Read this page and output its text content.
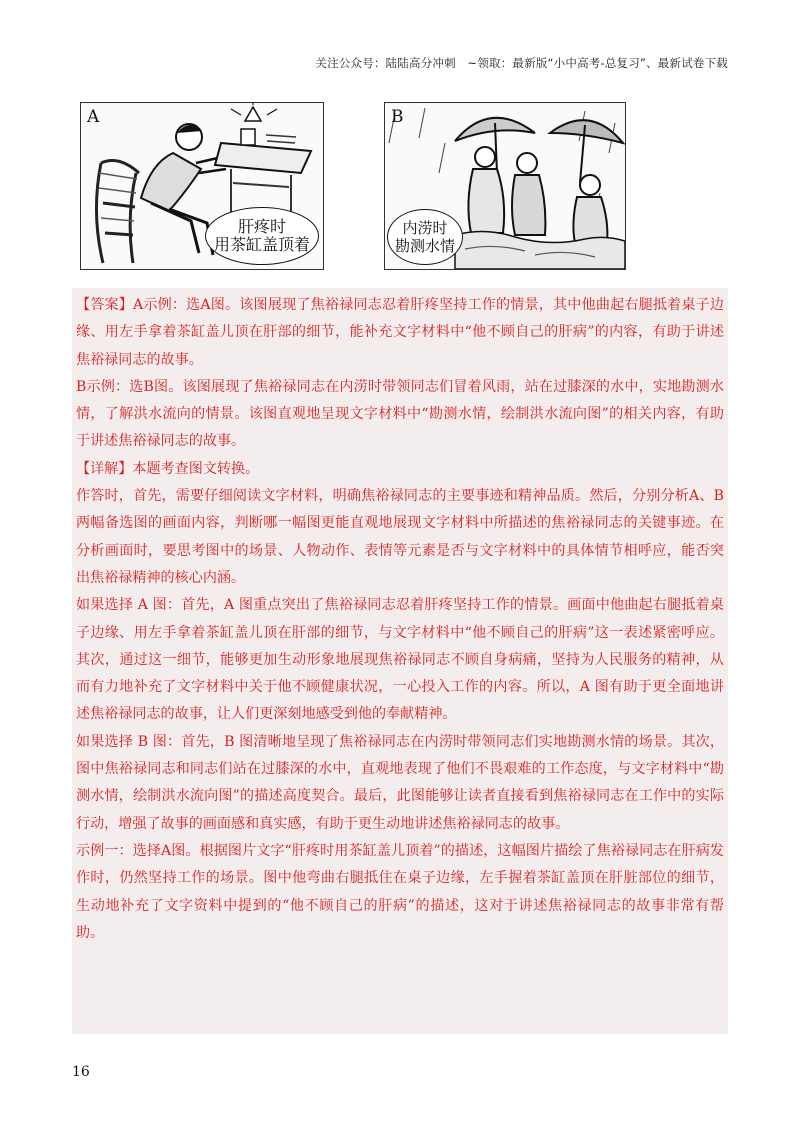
关注公众号：陆陆高分冲刺　~领取：最新版“小中高考-总复习”、最新试卷下载
A
肝疼时
用茶缸盖顶着
B
内涝时
勘测水情

【答案】A示例：选A图。该图展现了焦裕禄同志忍着肝疼坚持工作的情景，其中他曲起右腿抵着桌子边缘、用左手拿着茶缸盖儿顶在肝部的细节，能补充文字材料中“他不顾自己的肝病”的内容，有助于讲述焦裕禄同志的故事。

B示例：选B图。该图展现了焦裕禄同志在内涝时带领同志们冒着风雨，站在过膝深的水中，实地勘测水情，了解洪水流向的情景。该图直观地呈现文字材料中“勘测水情，绘制洪水流向图”的相关内容，有助于讲述焦裕禄同志的故事。

【详解】本题考查图文转换。

作答时，首先，需要仔细阅读文字材料，明确焦裕禄同志的主要事迹和精神品质。然后，分别分析A、B两幅备选图的画面内容，判断哪一幅图更能直观地展现文字材料中所描述的焦裕禄同志的关键事迹。在分析画面时，要思考图中的场景、人物动作、表情等元素是否与文字材料中的具体情节相呼应，能否突出焦裕禄精神的核心内涵。

如果选择 A 图：首先，A 图重点突出了焦裕禄同志忍着肝疼坚持工作的情景。画面中他曲起右腿抵着桌子边缘、用左手拿着茶缸盖儿顶在肝部的细节，与文字材料中“他不顾自己的肝病”这一表述紧密呼应。其次，通过这一细节，能够更加生动形象地展现焦裕禄同志不顾自身病痛，坚持为人民服务的精神，从而有力地补充了文字材料中关于他不顾健康状况，一心投入工作的内容。所以，A 图有助于更全面地讲述焦裕禄同志的故事，让人们更深刻地感受到他的奉献精神。

如果选择 B 图：首先，B 图清晰地呈现了焦裕禄同志在内涝时带领同志们实地勘测水情的场景。其次，图中焦裕禄同志和同志们站在过膝深的水中，直观地表现了他们不畏艰难的工作态度，与文字材料中“勘测水情，绘制洪水流向图”的描述高度契合。最后，此图能够让读者直接看到焦裕禄同志在工作中的实际行动，增强了故事的画面感和真实感，有助于更生动地讲述焦裕禄同志的故事。

示例一：选择A图。根据图片文字“肝疼时用茶缸盖儿顶着”的描述，这幅图片描绘了焦裕禄同志在肝病发作时，仍然坚持工作的场景。图中他弯曲右腿抵住在桌子边缘，左手握着茶缸盖顶在肝脏部位的细节，生动地补充了文字资料中提到的“他不顾自己的肝病”的描述，这对于讲述焦裕禄同志的故事非常有帮助。

16
